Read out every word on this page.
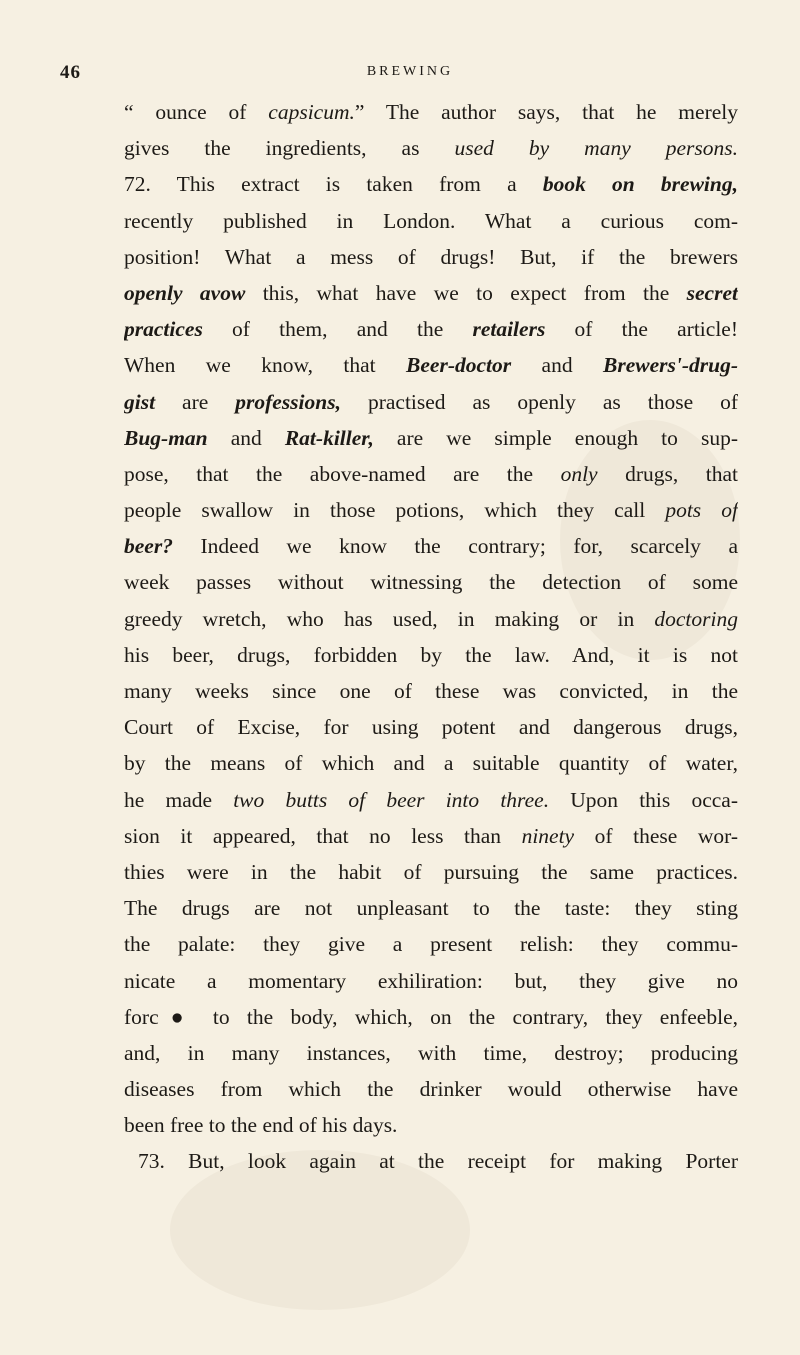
46	BREWING
“ ounce of capsicum.” The author says, that he merely
gives the ingredients, as used by many persons.
72. This extract is taken from a book on brewing,
recently published in London. What a curious com-
position! What a mess of drugs! But, if the brewers
openly avow this, what have we to expect from the secret
practices of them, and the retailers of the article!
When we know, that Beer-doctor and Brewers'-drug-
gist are professions, practised as openly as those of
Bug-man and Rat-killer, are we simple enough to sup-
pose, that the above-named are the only drugs, that
people swallow in those potions, which they call pots of
beer? Indeed we know the contrary; for, scarcely a
week passes without witnessing the detection of some
greedy wretch, who has used, in making or in doctoring
his beer, drugs, forbidden by the law. And, it is not
many weeks since one of these was convicted, in the
Court of Excise, for using potent and dangerous drugs,
by the means of which and a suitable quantity of water,
he made two butts of beer into three. Upon this occa-
sion it appeared, that no less than ninety of these wor-
thies were in the habit of pursuing the same practices.
The drugs are not unpleasant to the taste: they sting
the palate: they give a present relish: they commu-
nicate a momentary exhiliration: but, they give no
forc● to the body, which, on the contrary, they enfeeble,
and, in many instances, with time, destroy; producing
diseases from which the drinker would otherwise have
been free to the end of his days.
73. But, look again at the receipt for making Porter
